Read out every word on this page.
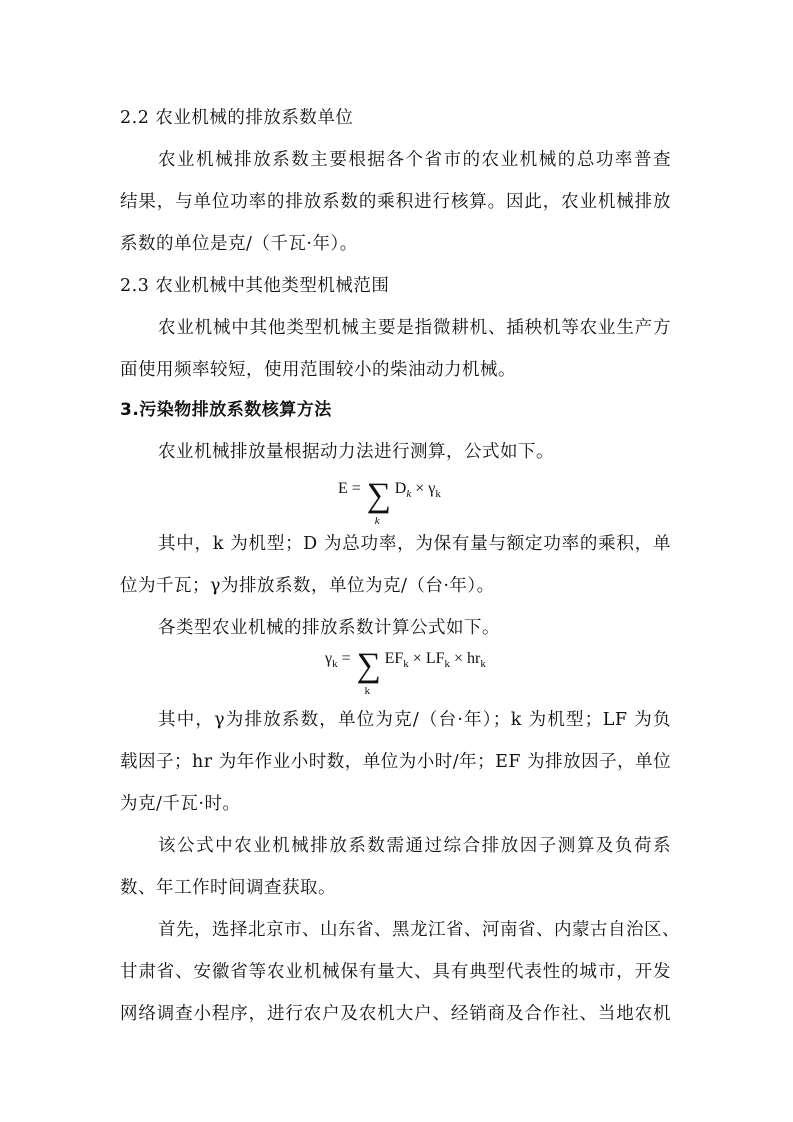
2.2 农业机械的排放系数单位
农业机械排放系数主要根据各个省市的农业机械的总功率普查
结果，与单位功率的排放系数的乘积进行核算。因此，农业机械排放
系数的单位是克/（千瓦·年）。
2.3 农业机械中其他类型机械范围
农业机械中其他类型机械主要是指微耕机、插秧机等农业生产方
面使用频率较短，使用范围较小的柴油动力机械。
3.污染物排放系数核算方法
农业机械排放量根据动力法进行测算，公式如下。
E = ∑
k
$D_k \times \gamma_k$
其中，k 为机型；D 为总功率，为保有量与额定功率的乘积，单
位为千瓦；γ为排放系数，单位为克/（台·年）。
各类型农业机械的排放系数计算公式如下。
$\gamma_k$ = ∑
k
$EF_k \times LF_k \times hr_k$
其中，γ为排放系数，单位为克/（台·年）；k 为机型；LF 为负
载因子；hr 为年作业小时数，单位为小时/年；EF 为排放因子，单位
为克/千瓦·时。
该公式中农业机械排放系数需通过综合排放因子测算及负荷系
数、年工作时间调查获取。
首先，选择北京市、山东省、黑龙江省、河南省、内蒙古自治区、
甘肃省、安徽省等农业机械保有量大、具有典型代表性的城市，开发
网络调查小程序，进行农户及农机大户、经销商及合作社、当地农机
